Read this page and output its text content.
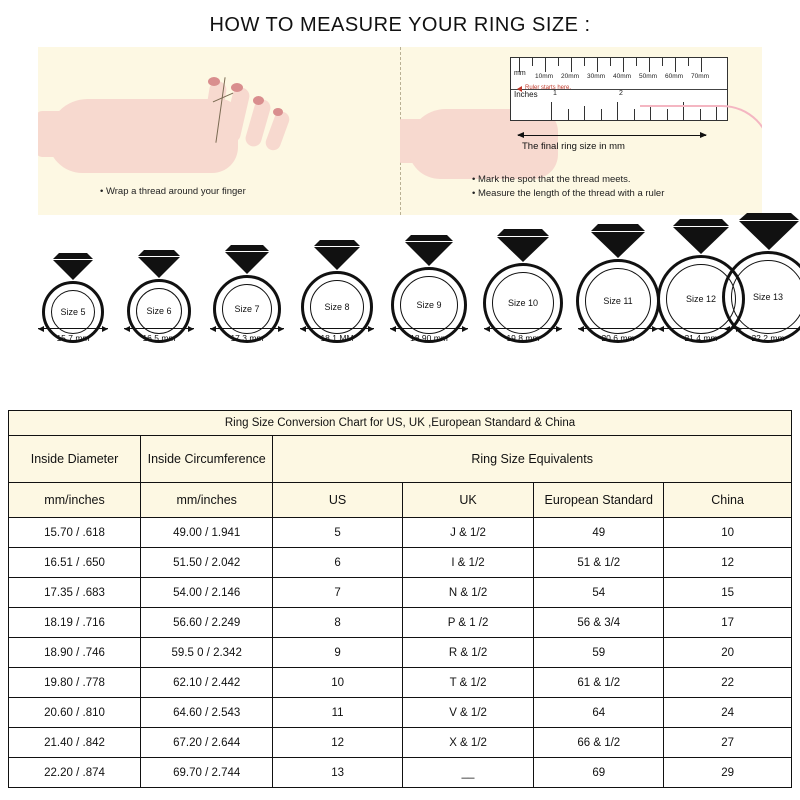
HOW TO MEASURE YOUR RING SIZE :
• Wrap a thread around your finger
10mm 20mm 30mm 40mm 50mm 60mm 70mm
mm
Inches 1	2
Ruler starts here.
The final ring size in mm
• Mark the spot that the thread meets.
• Measure the length of the thread with a ruler
Size 5
15.7 mm
Size 6
16.5 mm
Size 7
17.3 mm
Size 8
18.1 MM
Size 9
18.90 mm
Size 10
19.8 mm
Size 11
20.6 mm
Size 12
21.4 mm
Size 13
22.2 mm
Ring Size Conversion Chart for US, UK ,European Standard & China					
Inside Diameter	Inside Circumference	Ring Size Equivalents			
mm/inches	mm/inches	US	UK	European Standard	China
15.70 / .618	49.00 / 1.941	5	J & 1/2	49	10
16.51 / .650	51.50 / 2.042	6	I & 1/2	51 & 1/2	12
17.35 / .683	54.00 / 2.146	7	N & 1/2	54	15
18.19 / .716	56.60 / 2.249	8	P & 1 /2	56 & 3/4	17
18.90 / .746	59.5 0 / 2.342	9	R & 1/2	59	20
19.80 / .778	62.10 / 2.442	10	T & 1/2	61 & 1/2	22
20.60 / .810	64.60 / 2.543	11	V & 1/2	64	24
21.40 / .842	67.20 / 2.644	12	X & 1/2	66 & 1/2	27
22.20 / .874	69.70 / 2.744	13	__	69	29
